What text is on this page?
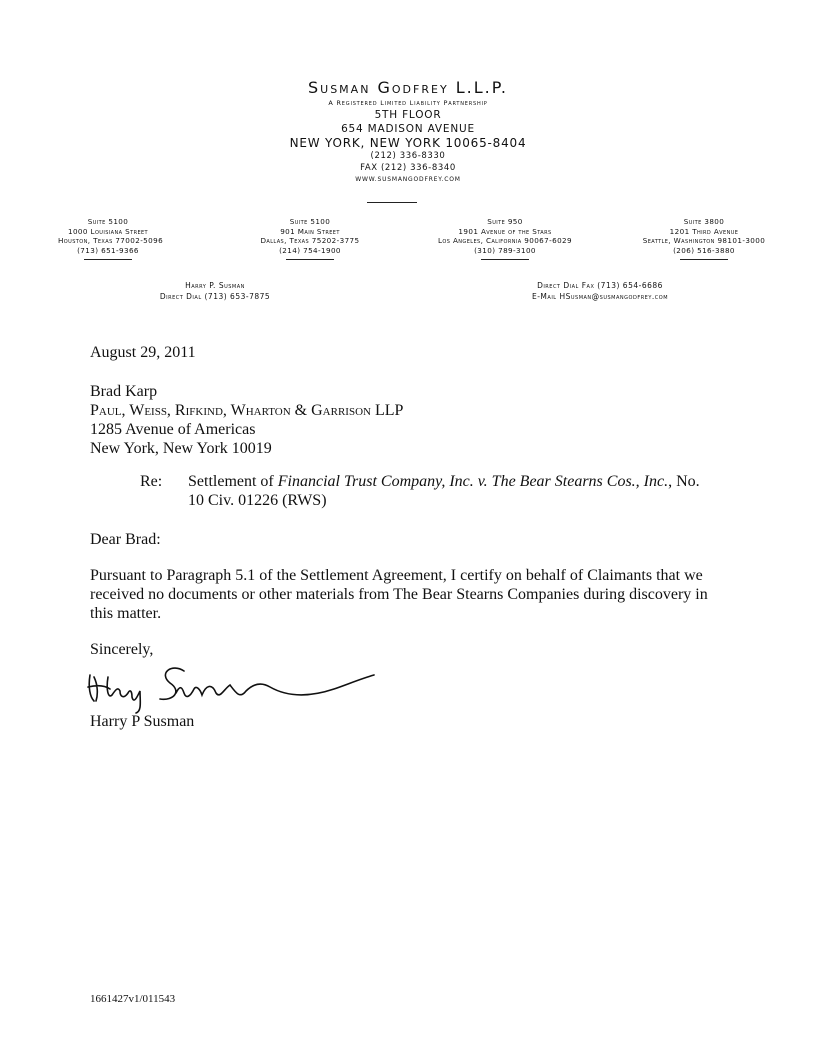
Susman Godfrey L.L.P.
A Registered Limited Liability Partnership
5TH FLOOR
654 MADISON AVENUE
NEW YORK, NEW YORK 10065-8404
(212) 336-8330
FAX (212) 336-8340
WWW.SUSMANGODFREY.COM
Suite 5100
1000 Louisiana Street
Houston, Texas 77002-5096
(713) 651-9366
Suite 5100
901 Main Street
Dallas, Texas 75202-3775
(214) 754-1900
Suite 950
1901 Avenue of the Stars
Los Angeles, California 90067-6029
(310) 789-3100
Suite 3800
1201 Third Avenue
Seattle, Washington 98101-3000
(206) 516-3880
Harry P. Susman
Direct Dial (713) 653-7875
Direct Dial Fax (713) 654-6686
E-Mail HSusman@susmangodfrey.com
August 29, 2011
Brad Karp
Paul, Weiss, Rifkind, Wharton & Garrison LLP
1285 Avenue of Americas
New York, New York 10019
Re: Settlement of Financial Trust Company, Inc. v. The Bear Stearns Cos., Inc., No.
10 Civ. 01226 (RWS)
Dear Brad:
Pursuant to Paragraph 5.1 of the Settlement Agreement, I certify on behalf of Claimants that we received no documents or other materials from The Bear Stearns Companies during discovery in this matter.
Sincerely,
Harry P Susman
1661427v1/011543
